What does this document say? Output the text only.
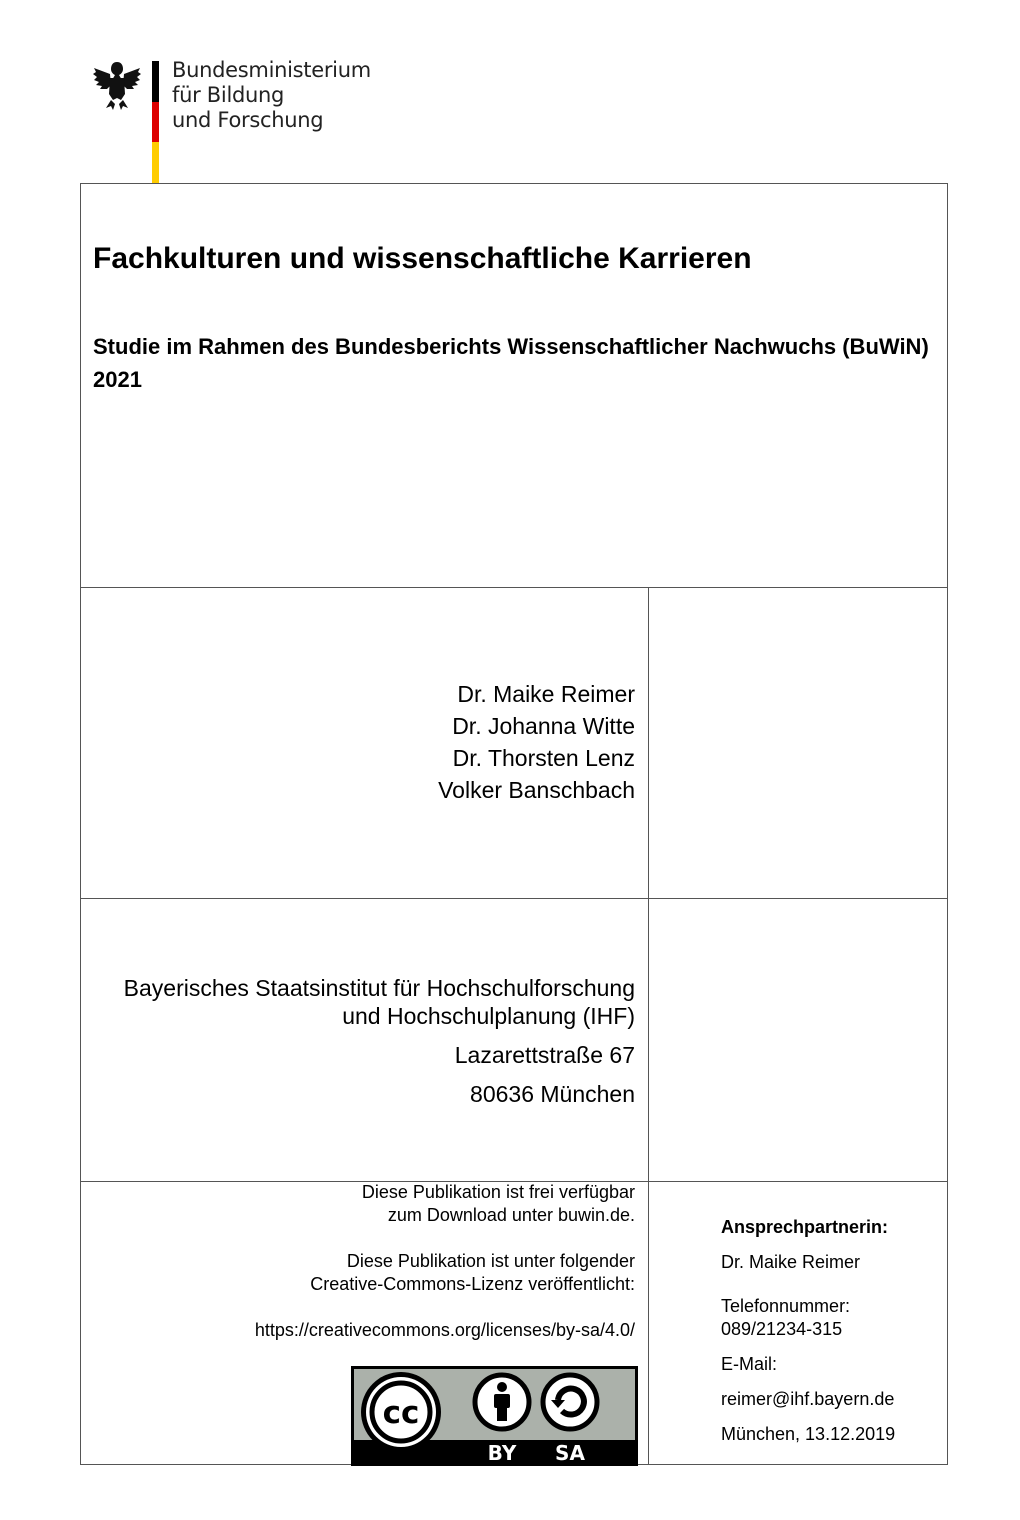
Bundesministerium
für Bildung
und Forschung
Fachkulturen und wissenschaftliche Karrieren
Studie im Rahmen des Bundesberichts Wissenschaftlicher Nachwuchs (BuWiN) 2021
Dr. Maike Reimer
Dr. Johanna Witte
Dr. Thorsten Lenz
Volker Banschbach
Bayerisches Staatsinstitut für Hochschulforschung
und Hochschulplanung (IHF)
Lazarettstraße 67
80636 München
Diese Publikation ist frei verfügbar
zum Download unter buwin.de.
Diese Publikation ist unter folgender
Creative-Commons-Lizenz veröffentlicht:
https://creativecommons.org/licenses/by-sa/4.0/
cc
BY SA
Ansprechpartnerin:
Dr. Maike Reimer
Telefonnummer:
089/21234-315
E-Mail:
reimer@ihf.bayern.de
München, 13.12.2019
